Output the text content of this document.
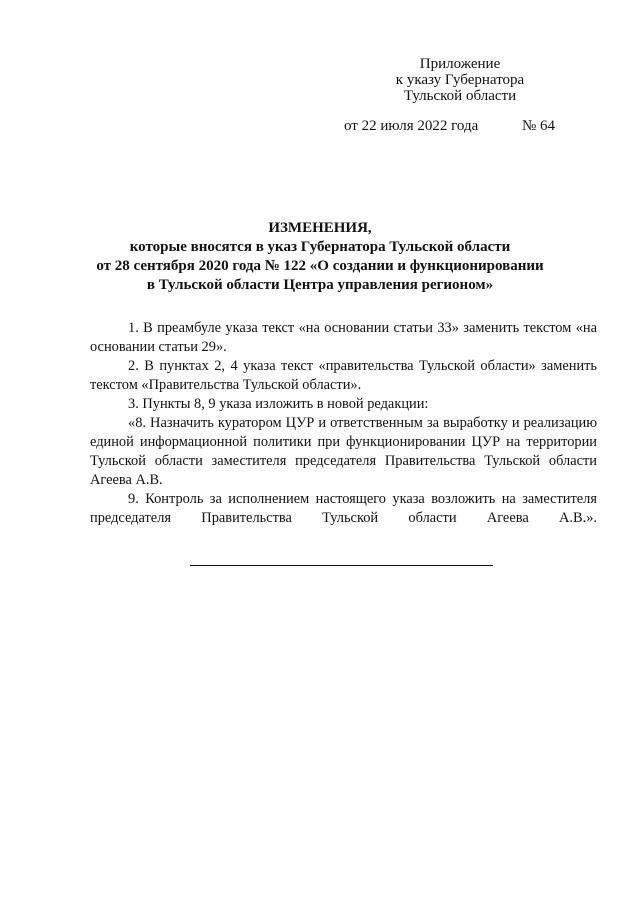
Приложение
к указу Губернатора
Тульской области
от 22 июля 2022 года	№ 64
ИЗМЕНЕНИЯ,
которые вносятся в указ Губернатора Тульской области
от 28 сентября 2020 года № 122 «О создании и функционировании
в Тульской области Центра управления регионом»

1. В преамбуле указа текст «на основании статьи 33» заменить текстом «на основании статьи 29».

2. В пунктах 2, 4 указа текст «правительства Тульской области» заменить текстом «Правительства Тульской области».

3. Пункты 8, 9 указа изложить в новой редакции:

«8. Назначить куратором ЦУР и ответственным за выработку и реализацию единой информационной политики при функционировании ЦУР на территории Тульской области заместителя председателя Правительства Тульской области Агеева А.В.

9. Контроль за исполнением настоящего указа возложить на заместителя председателя Правительства Тульской области Агеева А.В.».
